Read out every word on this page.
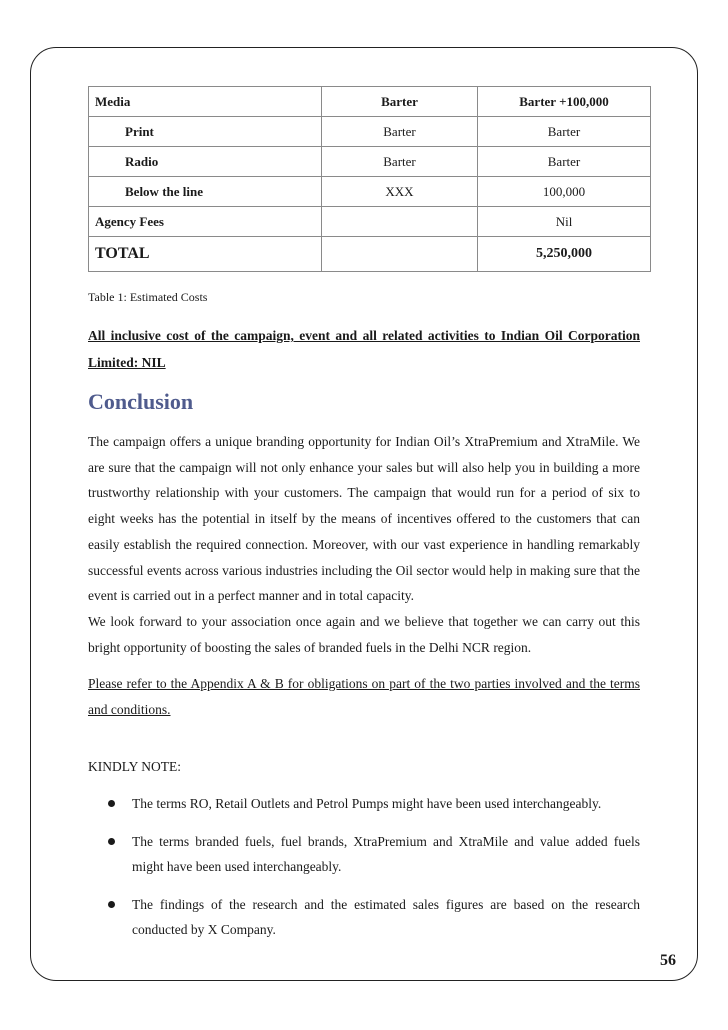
Media	Barter	Barter +100,000
Print	Barter	Barter
Radio	Barter	Barter
Below the line	XXX	100,000
Agency Fees		Nil
TOTAL		5,250,000
Table 1: Estimated Costs

All inclusive cost of the campaign, event and all related activities to Indian Oil Corporation Limited: NIL

Conclusion

The campaign offers a unique branding opportunity for Indian Oil’s XtraPremium and XtraMile. We are sure that the campaign will not only enhance your sales but will also help you in building a more trustworthy relationship with your customers. The campaign that would run for a period of six to eight weeks has the potential in itself by the means of incentives offered to the customers that can easily establish the required connection. Moreover, with our vast experience in handling remarkably successful events across various industries including the Oil sector would help in making sure that the event is carried out in a perfect manner and in total capacity.

We look forward to your association once again and we believe that together we can carry out this bright opportunity of boosting the sales of branded fuels in the Delhi NCR region.

Please refer to the Appendix A & B for obligations on part of the two parties involved and the terms and conditions.

KINDLY NOTE:

The terms RO, Retail Outlets and Petrol Pumps might have been used interchangeably.
The terms branded fuels, fuel brands, XtraPremium and XtraMile and value added fuels might have been used interchangeably.
The findings of the research and the estimated sales figures are based on the research conducted by X Company.
56
